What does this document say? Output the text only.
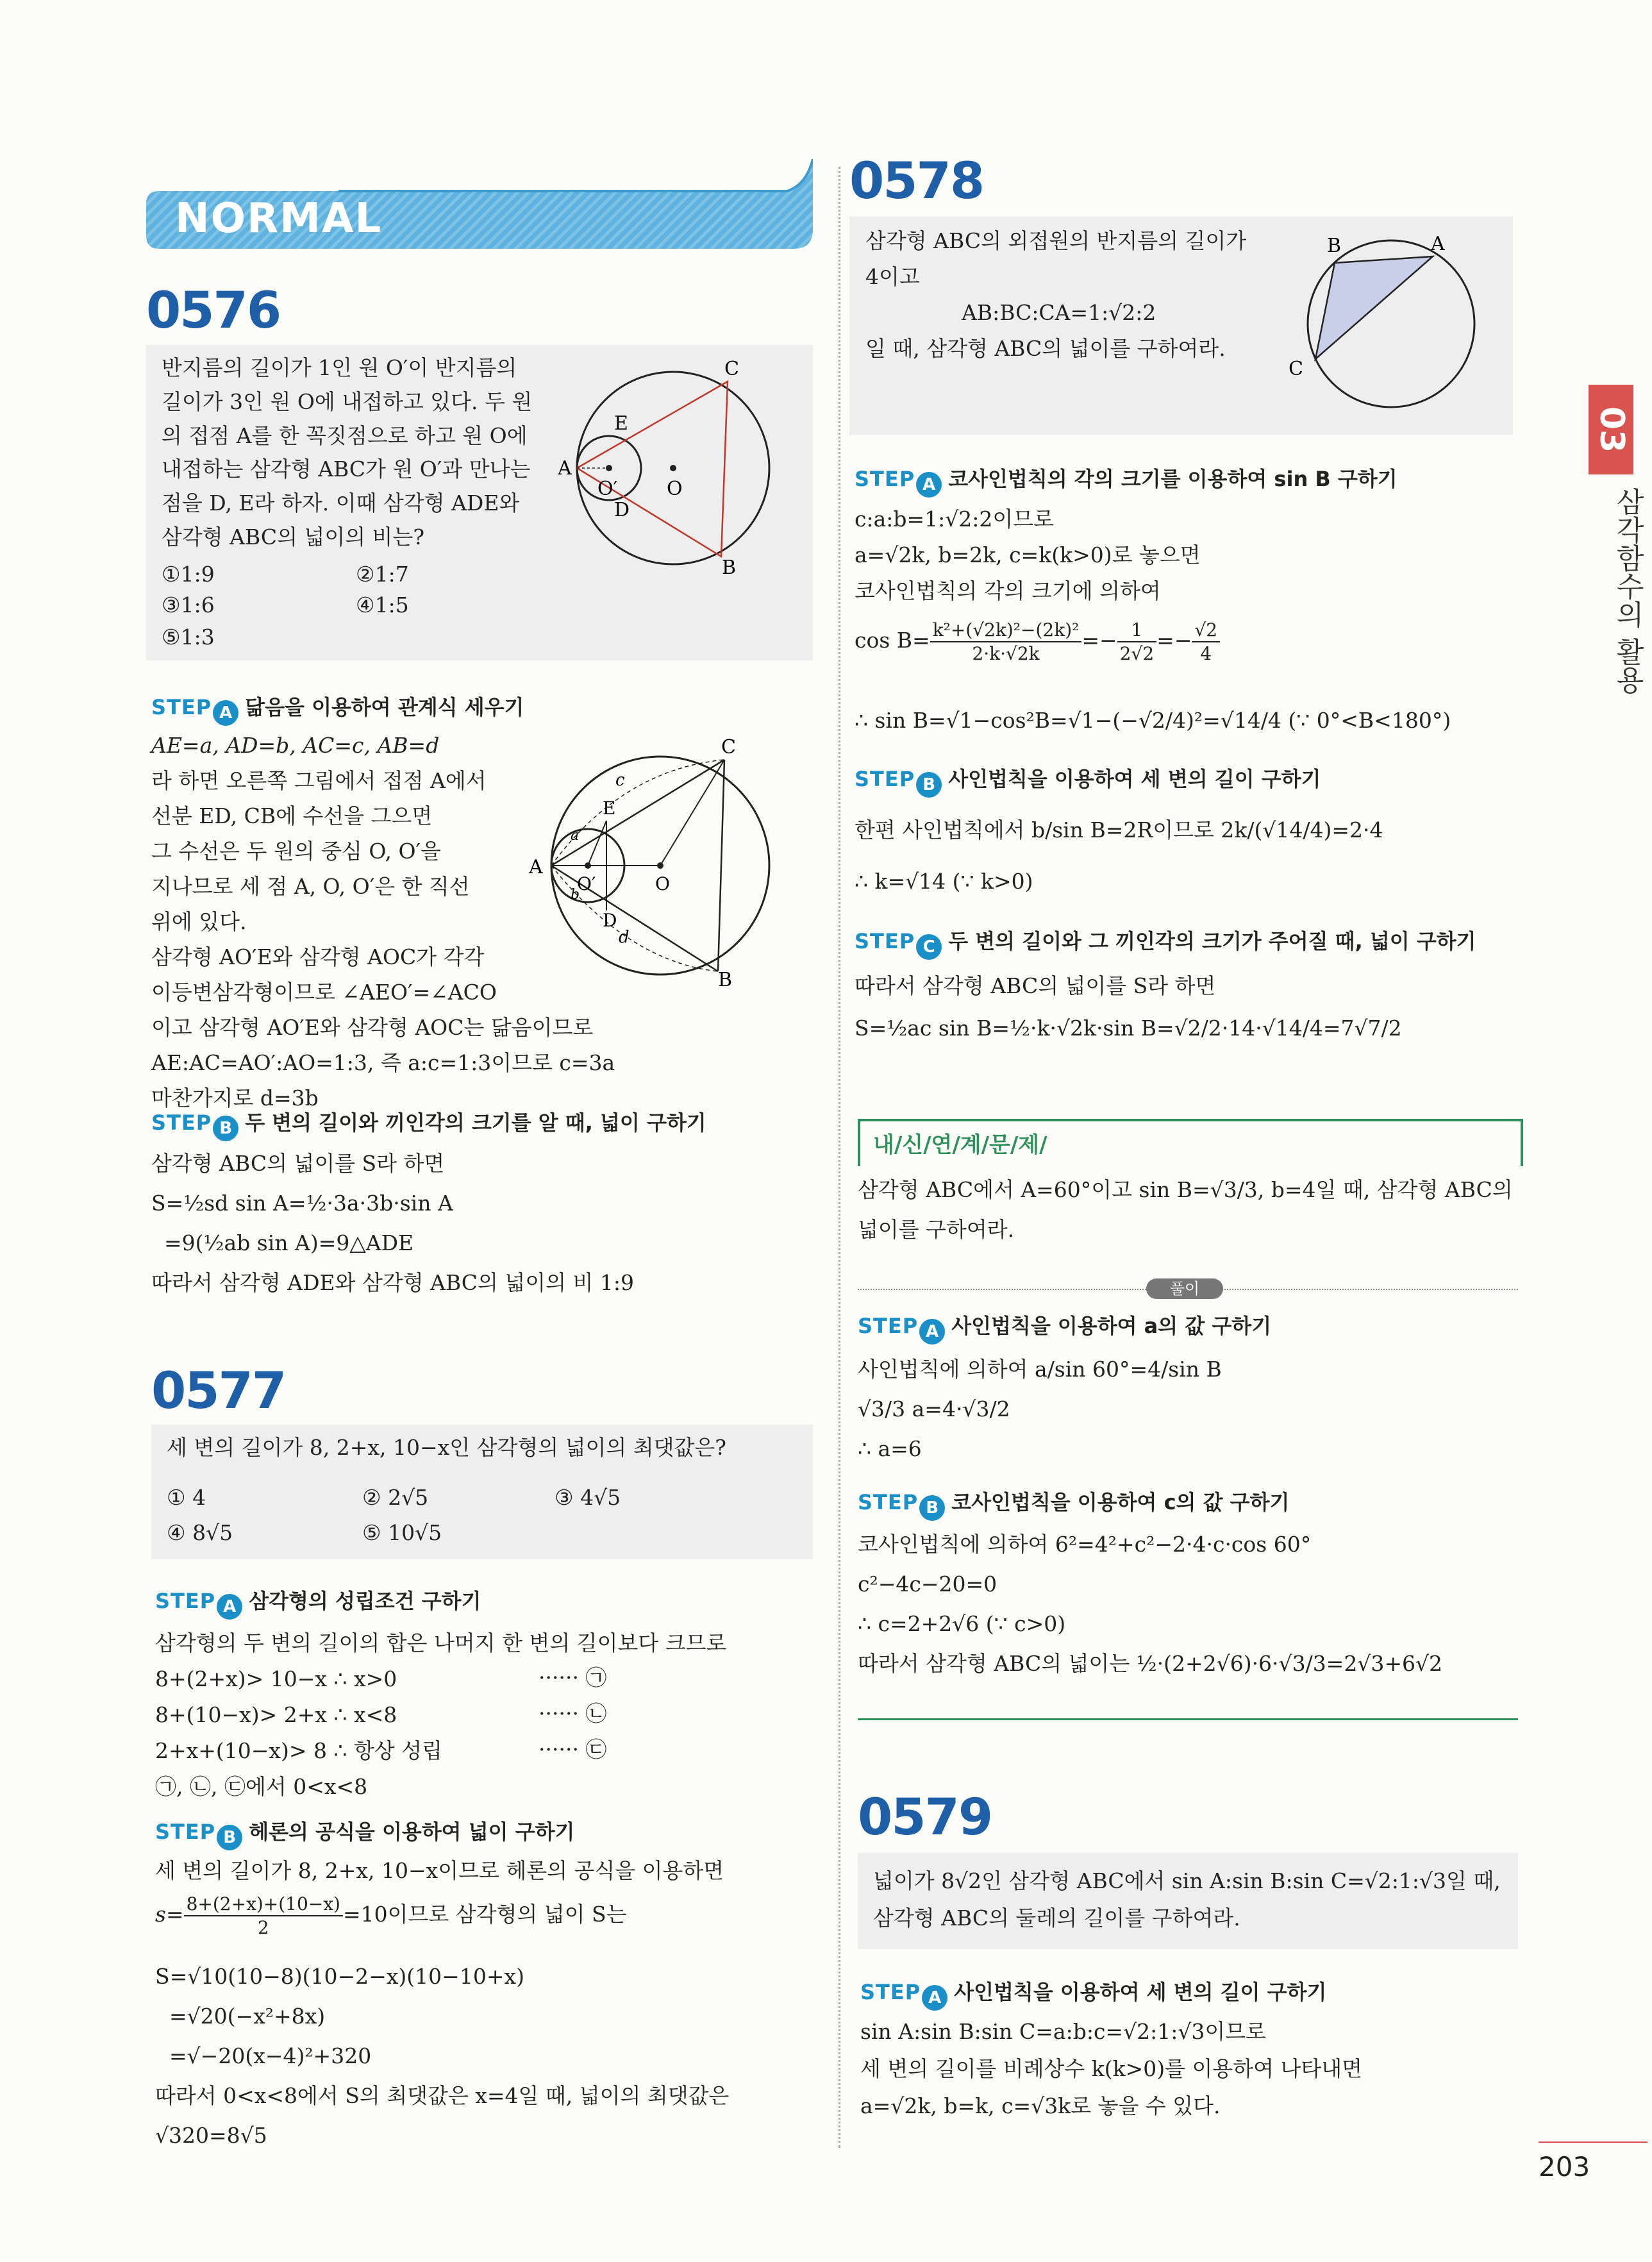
NORMAL
03
삼각함수의 활용
0576
반지름의 길이가 1인 원 O′이 반지름의
길이가 3인 원 O에 내접하고 있다. 두 원
의 접점 A를 한 꼭짓점으로 하고 원 O에
내접하는 삼각형 ABC가 원 O′과 만나는
점을 D, E라 하자. 이때 삼각형 ADE와
삼각형 ABC의 넓이의 비는?
①1:9	②1:7
③1:6	④1:5
⑤1:3
A
C
B
E
D
O
O′
STEP A 닮음을 이용하여 관계식 세우기
AE=a, AD=b, AC=c, AB=d
라 하면 오른쪽 그림에서 접점 A에서
선분 ED, CB에 수선을 그으면
그 수선은 두 원의 중심 O, O′을
지나므로 세 점 A, O, O′은 한 직선
위에 있다.
삼각형 AO′E와 삼각형 AOC가 각각
이등변삼각형이므로 ∠AEO′=∠ACO
이고 삼각형 AO′E와 삼각형 AOC는 닮음이므로
AE:AC=AO′:AO=1:3, 즉 a:c=1:3이므로 c=3a
마찬가지로 d=3b
A
C
B
E
D
O
O′
c
d
a
b
STEP B 두 변의 길이와 끼인각의 크기를 알 때, 넓이 구하기
삼각형 ABC의 넓이를 S라 하면
S=½sd sin A=½·3a·3b·sin A
=9(½ab sin A)=9△ADE
따라서 삼각형 ADE와 삼각형 ABC의 넓이의 비 1:9
0577
세 변의 길이가 8, 2+x, 10−x인 삼각형의 넓이의 최댓값은?
① 4	② 2√5	③ 4√5
④ 8√5	⑤ 10√5
STEP A 삼각형의 성립조건 구하기
삼각형의 두 변의 길이의 합은 나머지 한 변의 길이보다 크므로
8+(2+x)> 10−x ∴ x>0
8+(10−x)> 2+x ∴ x<8
2+x+(10−x)> 8 ∴ 항상 성립
㉠, ㉡, ㉢에서 0<x<8
······ ㉠
······ ㉡
······ ㉢
STEP B 헤론의 공식을 이용하여 넓이 구하기
세 변의 길이가 8, 2+x, 10−x이므로 헤론의 공식을 이용하면
$s= \frac{8+(2+x)+(10-x)}{2} =10$이므로 삼각형의 넓이 S는
S=√10(10−8)(10−2−x)(10−10+x)
=√20(−x²+8x)
=√−20(x−4)²+320
따라서 0<x<8에서 S의 최댓값은 x=4일 때, 넓이의 최댓값은
√320=8√5
0578
삼각형 ABC의 외접원의 반지름의 길이가
4이고
AB:BC:CA=1:√2:2
일 때, 삼각형 ABC의 넓이를 구하여라.
B	A
C
STEP A 코사인법칙의 각의 크기를 이용하여 sin B 구하기
c:a:b=1:√2:2이므로
a=√2k, b=2k, c=k(k>0)로 놓으면
코사인법칙의 각의 크기에 의하여
$\cos B= \frac{\text{k²+(√2k)²−(2k)²}}{2\cdot k\cdot√2k} =- \frac{1}{2√2} =- \frac{√2}{4}$
∴ sin B=√1−cos²B=√1−(−√2/4)²=√14/4 (∵ 0°<B<180°)
STEP B 사인법칙을 이용하여 세 변의 길이 구하기
한편 사인법칙에서 b/sin B=2R이므로 2k/(√14/4)=2·4
∴ k=√14 (∵ k>0)
STEP C 두 변의 길이와 그 끼인각의 크기가 주어질 때, 넓이 구하기
따라서 삼각형 ABC의 넓이를 S라 하면
S=½ac sin B=½·k·√2k·sin B=√2/2·14·√14/4=7√7/2
내/신/연/계/문/제/
삼각형 ABC에서 A=60°이고 sin B=√3/3, b=4일 때, 삼각형 ABC의
넓이를 구하여라.
풀이
STEP A 사인법칙을 이용하여 a의 값 구하기
사인법칙에 의하여 a/sin 60°=4/sin B
√3/3 a=4·√3/2
∴ a=6
STEP B 코사인법칙을 이용하여 c의 값 구하기
코사인법칙에 의하여 6²=4²+c²−2·4·c·cos 60°
c²−4c−20=0
∴ c=2+2√6 (∵ c>0)
따라서 삼각형 ABC의 넓이는 ½·(2+2√6)·6·√3/3=2√3+6√2
0579
넓이가 8√2인 삼각형 ABC에서 sin A:sin B:sin C=√2:1:√3일 때,
삼각형 ABC의 둘레의 길이를 구하여라.
STEP A 사인법칙을 이용하여 세 변의 길이 구하기
sin A:sin B:sin C=a:b:c=√2:1:√3이므로
세 변의 길이를 비례상수 k(k>0)를 이용하여 나타내면
a=√2k, b=k, c=√3k로 놓을 수 있다.
203
